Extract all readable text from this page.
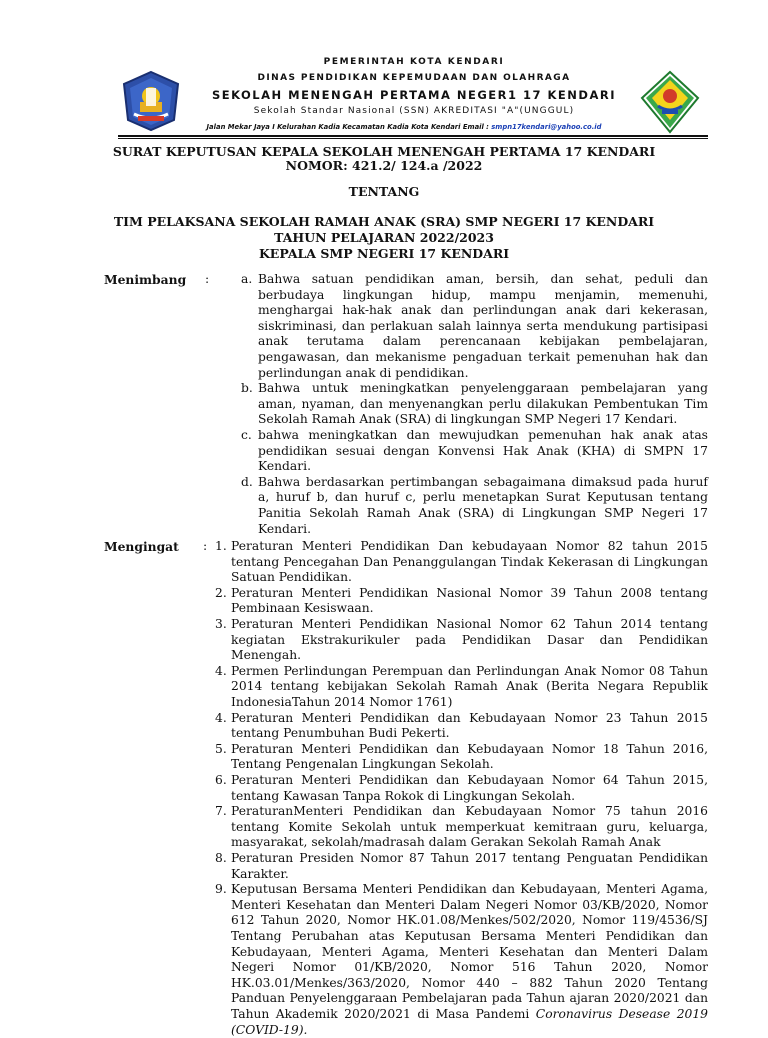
PEMERINTAH KOTA KENDARI

DINAS PENDIDIKAN KEPEMUDAAN DAN OLAHRAGA

SEKOLAH MENENGAH PERTAMA NEGER1 17 KENDARI

Sekolah Standar Nasional (SSN) AKREDITASI "A"(UNGGUL)

Jalan Mekar Jaya I Kelurahan Kadia Kecamatan Kadia Kota Kendari Email : smpn17kendari@yahoo.co.id

SURAT KEPUTUSAN KEPALA SEKOLAH MENENGAH PERTAMA 17 KENDARI
NOMOR: 421.2/ 124.a /2022
TENTANG
TIM PELAKSANA SEKOLAH RAMAH ANAK (SRA) SMP NEGERI 17 KENDARI
TAHUN PELAJARAN 2022/2023
KEPALA SMP NEGERI 17 KENDARI
Menimbang :	a. Bahwa satuan pendidikan aman, bersih, dan sehat, peduli dan berbudaya lingkungan hidup, mampu menjamin, memenuhi, menghargai hak-hak anak dan perlindungan anak dari kekerasan, siskriminasi, dan perlakuan salah lainnya serta mendukung partisipasi anak terutama dalam perencanaan kebijakan pembelajaran, pengawasan, dan mekanisme pengaduan terkait pemenuhan hak dan perlindungan anak di pendidikan.
b. Bahwa untuk meningkatkan penyelenggaraan pembelajaran yang aman, nyaman, dan menyenangkan perlu dilakukan Pembentukan Tim Sekolah Ramah Anak (SRA) di lingkungan SMP Negeri 17 Kendari.
c. bahwa meningkatkan dan mewujudkan pemenuhan hak anak atas pendidikan sesuai dengan Konvensi Hak Anak (KHA) di SMPN 17 Kendari.
d. Bahwa berdasarkan pertimbangan sebagaimana dimaksud pada huruf a, huruf b, dan huruf c, perlu menetapkan Surat Keputusan tentang Panitia Sekolah Ramah Anak (SRA) di Lingkungan SMP Negeri 17 Kendari.
Mengingat : 1. Peraturan Menteri Pendidikan Dan kebudayaan Nomor 82 tahun 2015 tentang Pencegahan Dan Penanggulangan Tindak Kekerasan di Lingkungan Satuan Pendidikan.
2. Peraturan Menteri Pendidikan Nasional Nomor 39 Tahun 2008 tentang Pembinaan Kesiswaan.
3. Peraturan Menteri Pendidikan Nasional Nomor 62 Tahun 2014 tentang kegiatan Ekstrakurikuler pada Pendidikan Dasar dan Pendidikan Menengah.
4. Permen Perlindungan Perempuan dan Perlindungan Anak Nomor 08 Tahun 2014 tentang kebijakan Sekolah Ramah Anak (Berita Negara Republik IndonesiaTahun 2014 Nomor 1761)
4. Peraturan Menteri Pendidikan dan Kebudayaan Nomor 23 Tahun 2015 tentang Penumbuhan Budi Pekerti.
5. Peraturan Menteri Pendidikan dan Kebudayaan Nomor 18 Tahun 2016, Tentang Pengenalan Lingkungan Sekolah.
6. Peraturan Menteri Pendidikan dan Kebudayaan Nomor 64 Tahun 2015, tentang Kawasan Tanpa Rokok di Lingkungan Sekolah.
7. PeraturanMenteri Pendidikan dan Kebudayaan Nomor 75 tahun 2016 tentang Komite Sekolah untuk memperkuat kemitraan guru, keluarga, masyarakat, sekolah/madrasah dalam Gerakan Sekolah Ramah Anak
8. Peraturan Presiden Nomor 87 Tahun 2017 tentang Penguatan Pendidikan Karakter.
9. Keputusan Bersama Menteri Pendidikan dan Kebudayaan, Menteri Agama, Menteri Kesehatan dan Menteri Dalam Negeri Nomor 03/KB/2020, Nomor 612 Tahun 2020, Nomor HK.01.08/Menkes/502/2020, Nomor 119/4536/SJ Tentang Perubahan atas Keputusan Bersama Menteri Pendidikan dan Kebudayaan, Menteri Agama, Menteri Kesehatan dan Menteri Dalam Negeri Nomor 01/KB/2020, Nomor 516 Tahun 2020, Nomor HK.03.01/Menkes/363/2020, Nomor 440 – 882 Tahun 2020 Tentang Panduan Penyelenggaraan Pembelajaran pada Tahun ajaran 2020/2021 dan Tahun Akademik 2020/2021 di Masa Pandemi Coronavirus Desease 2019 (COVID-19).
